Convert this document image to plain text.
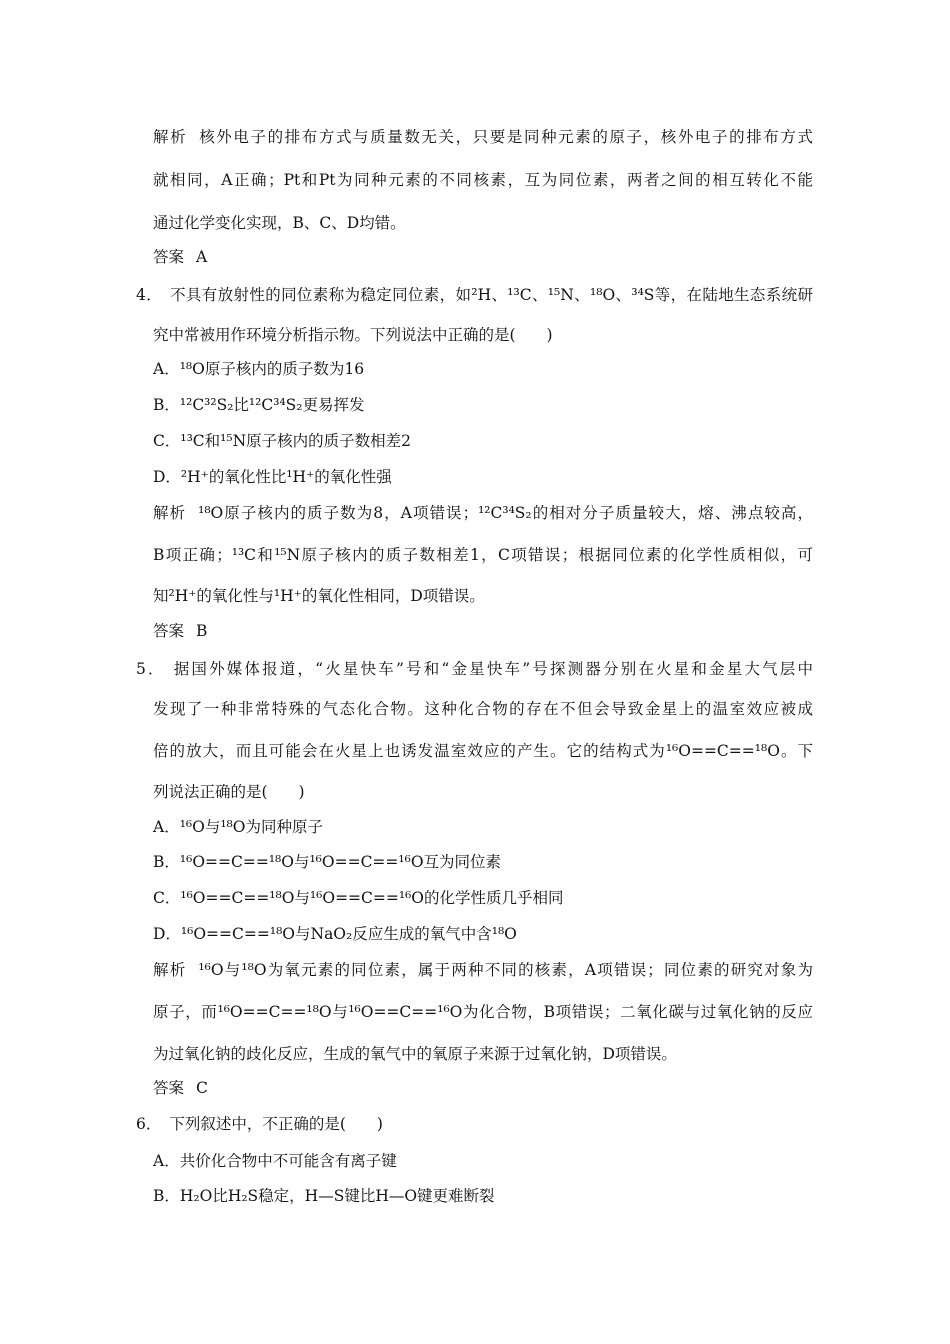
解析 核外电子的排布方式与质量数无关，只要是同种元素的原子，核外电子的排布方式
就相同，A正确；Pt和Pt为同种元素的不同核素，互为同位素，两者之间的相互转化不能
通过化学变化实现，B、C、D均错。
答案 A
4． 不具有放射性的同位素称为稳定同位素，如²H、¹³C、¹⁵N、¹⁸O、³⁴S等，在陆地生态系统研
究中常被用作环境分析指示物。下列说法中正确的是(　　)
A．¹⁸O原子核内的质子数为16
B．¹²C³²S₂比¹²C³⁴S₂更易挥发
C．¹³C和¹⁵N原子核内的质子数相差2
D．²H⁺的氧化性比¹H⁺的氧化性强
解析 ¹⁸O原子核内的质子数为8，A项错误；¹²C³⁴S₂的相对分子质量较大，熔、沸点较高，
B项正确；¹³C和¹⁵N原子核内的质子数相差1，C项错误；根据同位素的化学性质相似，可
知²H⁺的氧化性与¹H⁺的氧化性相同，D项错误。
答案 B
5． 据国外媒体报道，“火星快车”号和“金星快车”号探测器分别在火星和金星大气层中
发现了一种非常特殊的气态化合物。这种化合物的存在不但会导致金星上的温室效应被成
倍的放大，而且可能会在火星上也诱发温室效应的产生。它的结构式为¹⁶O==C==¹⁸O。下
列说法正确的是(　　)
A．¹⁶O与¹⁸O为同种原子
B．¹⁶O==C==¹⁸O与¹⁶O==C==¹⁶O互为同位素
C．¹⁶O==C==¹⁸O与¹⁶O==C==¹⁶O的化学性质几乎相同
D．¹⁶O==C==¹⁸O与NaO₂反应生成的氧气中含¹⁸O
解析 ¹⁶O与¹⁸O为氧元素的同位素，属于两种不同的核素，A项错误；同位素的研究对象为
原子，而¹⁶O==C==¹⁸O与¹⁶O==C==¹⁶O为化合物，B项错误；二氧化碳与过氧化钠的反应
为过氧化钠的歧化反应，生成的氧气中的氧原子来源于过氧化钠，D项错误。
答案 C
6． 下列叙述中，不正确的是(　　)
A．共价化合物中不可能含有离子键
B．H₂O比H₂S稳定，H—S键比H—O键更难断裂
